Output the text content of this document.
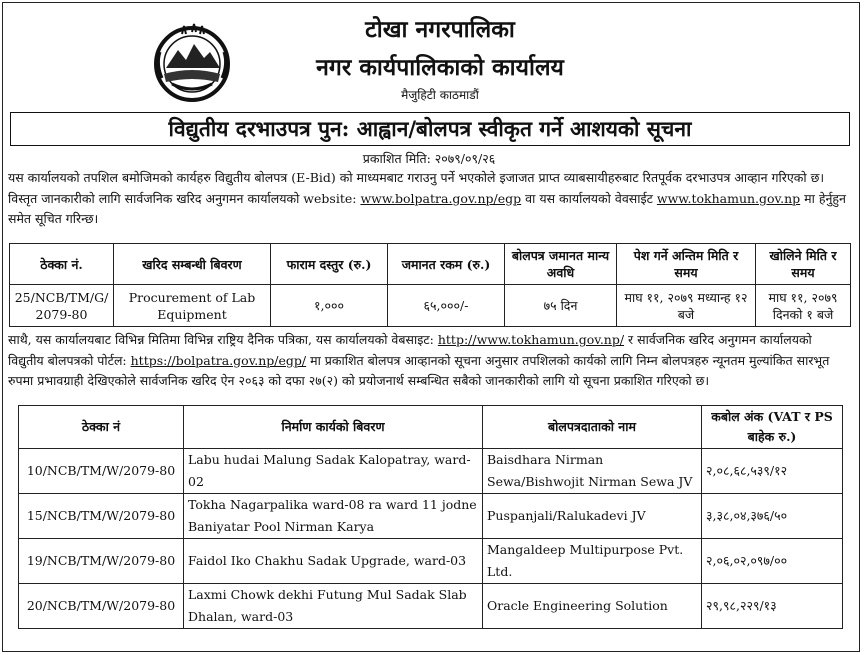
टोखा नगरपालिका
नगर कार्यपालिकाको कार्यालय
मैजुहिटी काठमाडौं
विद्युतीय दरभाउपत्र पुन: आह्वान/बोलपत्र स्वीकृत गर्ने आशयको सूचना
प्रकाशित मिति: २०७९/०९/२६
यस कार्यालयको तपशिल बमोजिमको कार्यहरु विद्युतीय बोलपत्र (E-Bid) को माध्यमबाट गराउनु पर्ने भएकोले इजाजत प्राप्त व्याबसायीहरुबाट रितपूर्वक दरभाउपत्र आव्हान गरिएको छ। विस्तृत जानकारीको लागि सार्वजनिक खरिद अनुगमन कार्यालयको website: www.bolpatra.gov.np/egp वा यस कार्यालयको वेवसाईट www.tokhamun.gov.np मा हेर्नुहुन समेत सूचित गरिन्छ।
ठेक्का नं.	खरिद सम्बन्धी बिवरण	फाराम दस्तुर (रु.)	जमानत रकम (रु.)	बोलपत्र जमानत मान्य अवधि	पेश गर्ने अन्तिम मिति र समय	खोलिने मिति र समय
25/NCB/TM/G/ 2079-80	Procurement of Lab Equipment	१,०००	६५,०००/-	७५ दिन	माघ ११, २०७९ मध्यान्ह १२ बजे	माघ ११, २०७९ दिनको १ बजे
साथै, यस कार्यालयबाट विभिन्न मितिमा विभिन्न राष्ट्रिय दैनिक पत्रिका, यस कार्यालयको वेबसाइट: http://www.tokhamun.gov.np/ र सार्वजनिक खरिद अनुगमन कार्यालयको विद्युतीय बोलपत्रको पोर्टल: https://bolpatra.gov.np/egp/ मा प्रकाशित बोलपत्र आव्हानको सूचना अनुसार तपशिलको कार्यको लागि निम्न बोलपत्रहरु न्यूनतम मुल्यांकित सारभूत रुपमा प्रभावग्राही देखिएकोले सार्वजनिक खरिद ऐन २०६३ को दफा २७(२) को प्रयोजनार्थ सम्बन्धित सबैको जानकारीको लागि यो सूचना प्रकाशित गरिएको छ।
ठेक्का नं	निर्माण कार्यको बिवरण	बोलपत्रदाताको नाम	कबोल अंक (VAT र PS बाहेक रु.)
10/NCB/TM/W/2079-80	Labu hudai Malung Sadak Kalopatray, ward-02	Baisdhara Nirman Sewa/Bishwojit Nirman Sewa JV	२,०८,६८,५३९/१२
15/NCB/TM/W/2079-80	Tokha Nagarpalika ward-08 ra ward 11 jodne Baniyatar Pool Nirman Karya	Puspanjali/Ralukadevi JV	३,३८,०४,३७६/५०
19/NCB/TM/W/2079-80	Faidol Iko Chakhu Sadak Upgrade, ward-03	Mangaldeep Multipurpose Pvt. Ltd.	२,०६,०२,०९७/००
20/NCB/TM/W/2079-80	Laxmi Chowk dekhi Futung Mul Sadak Slab Dhalan, ward-03	Oracle Engineering Solution	२९,९८,२२९/१३
